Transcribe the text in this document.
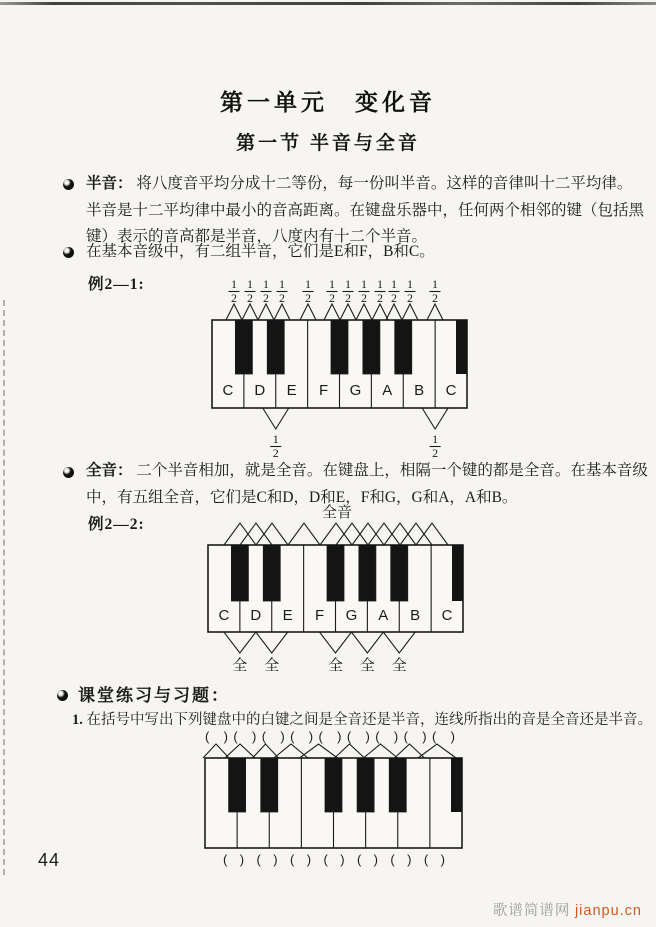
第一单元　变化音
第一节 半音与全音
半音： 将八度音平均分成十二等份，每一份叫半音。这样的音律叫十二平均律。
半音是十二平均律中最小的音高距离。在键盘乐器中，任何两个相邻的键（包括黑
键）表示的音高都是半音，八度内有十二个半音。
在基本音级中，有二组半音，它们是E和F，B和C。
例2—1:	1
2
1
2
1
2
1
2
1
2
1
2
1
2
1
2
1
2
1
2
1
2
1
2
C D E F G A B C
1
2
1
2
全音： 二个半音相加，就是全音。在键盘上，相隔一个键的都是全音。在基本音级
中，有五组全音，它们是C和D，D和E，F和G，G和A，A和B。
例2—2:
全音
C D E F G A B C
全 全	全 全 全
课堂练习与习题：
1. 在括号中写出下列键盘中的白键之间是全音还是半音，连线所指出的音是全音还是半音。
( )( )( )( )( )( )( )( )( )
( ) ( ) ( ) ( ) ( ) ( ) ( )
44
歌谱简谱网 jianpu.cn
